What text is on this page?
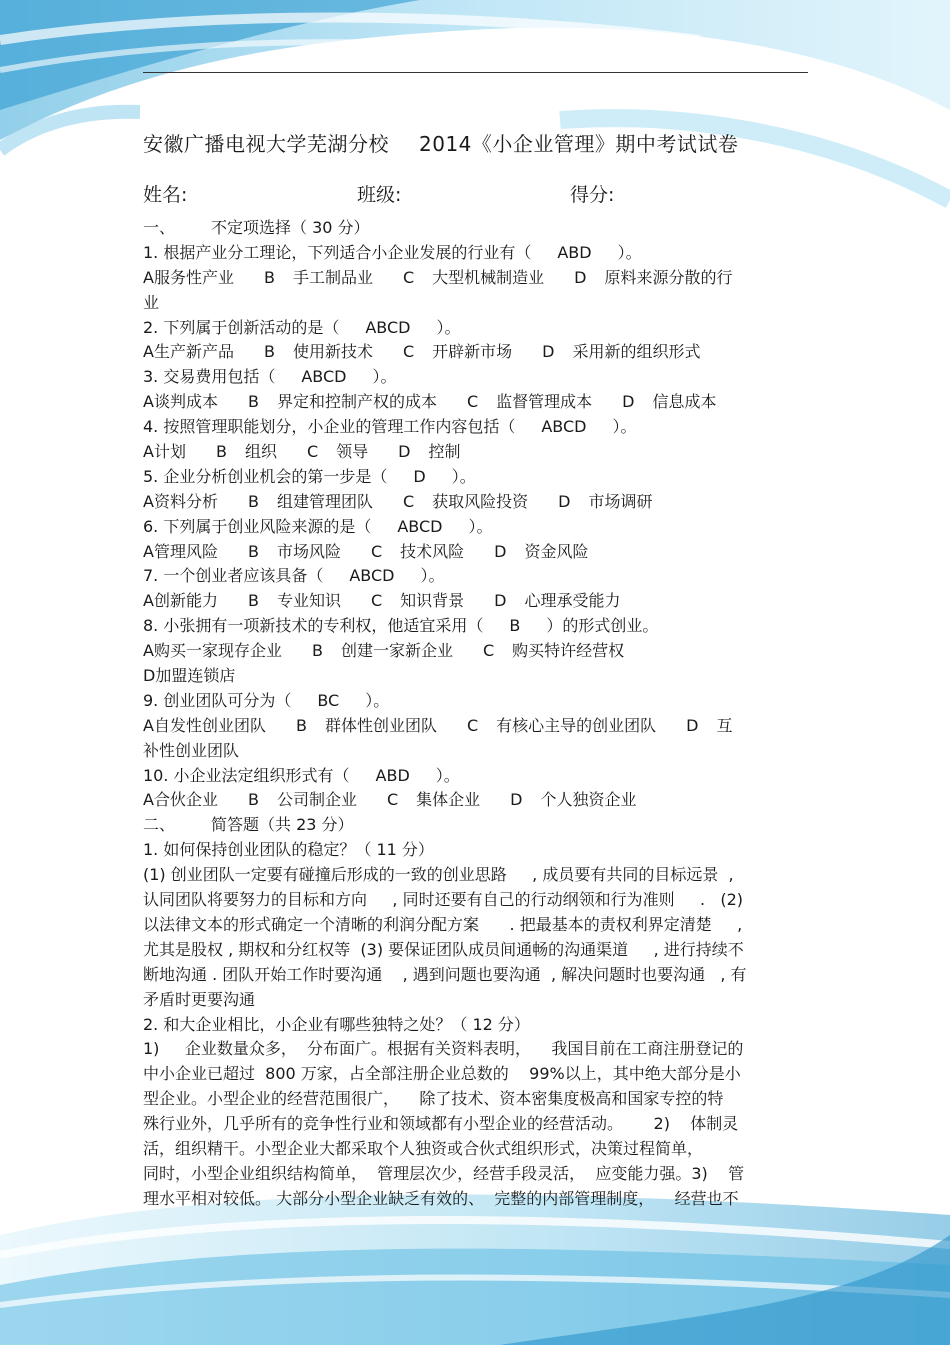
安徽广播电视大学芜湖分校 2014《小企业管理》期中考试试卷
姓名:	班级:	得分:
一、 不定项选择（ 30 分）
1. 根据产业分工理论，下列适合小企业发展的行业有（ ABD ）。
A服务性产业 B 手工制品业 C 大型机械制造业 D 原料来源分散的行
业
2. 下列属于创新活动的是（ ABCD ）。
A生产新产品 B 使用新技术 C 开辟新市场 D 采用新的组织形式
3. 交易费用包括（ ABCD ）。
A谈判成本 B 界定和控制产权的成本 C 监督管理成本 D 信息成本
4. 按照管理职能划分，小企业的管理工作内容包括（ ABCD ）。
A计划 B 组织 C 领导 D 控制
5. 企业分析创业机会的第一步是（ D ）。
A资料分析 B 组建管理团队 C 获取风险投资 D 市场调研
6. 下列属于创业风险来源的是（ ABCD ）。
A管理风险 B 市场风险 C 技术风险 D 资金风险
7. 一个创业者应该具备（ ABCD ）。
A创新能力 B 专业知识 C 知识背景 D 心理承受能力
8. 小张拥有一项新技术的专利权，他适宜采用（ B ）的形式创业。
A购买一家现存企业 B 创建一家新企业 C 购买特许经营权
D加盟连锁店
9. 创业团队可分为（ BC ）。
A自发性创业团队 B 群体性创业团队 C 有核心主导的创业团队 D 互
补性创业团队
10. 小企业法定组织形式有（ ABD ）。
A合伙企业 B 公司制企业 C 集体企业 D 个人独资企业
二、 简答题（共 23 分）
1. 如何保持创业团队的稳定？（ 11 分）
(1) 创业团队一定要有碰撞后形成的一致的创业思路     , 成员要有共同的目标远景  ,
认同团队将要努力的目标和方向     , 同时还要有自己的行动纲领和行为准则     .   (2)
以法律文本的形式确定一个清晰的利润分配方案      . 把最基本的责权利界定清楚     ,
尤其是股权 , 期权和分红权等  (3) 要保证团队成员间通畅的沟通渠道     , 进行持续不
断地沟通 . 团队开始工作时要沟通    , 遇到问题也要沟通  , 解决问题时也要沟通   , 有
矛盾时更要沟通
2. 和大企业相比，小企业有哪些独特之处？（ 12 分）
1)     企业数量众多，  分布面广。根据有关资料表明，    我国目前在工商注册登记的
中小企业已超过  800 万家，占全部注册企业总数的    99%以上，其中绝大部分是小
型企业。小型企业的经营范围很广，    除了技术、资本密集度极高和国家专控的特
殊行业外，几乎所有的竞争性行业和领域都有小型企业的经营活动。      2)    体制灵
活，组织精干。小型企业大都采取个人独资或合伙式组织形式，决策过程简单，
同时，小型企业组织结构简单，  管理层次少，经营手段灵活，  应变能力强。3)    管
理水平相对较低。 大部分小型企业缺乏有效的、  完整的内部管理制度，    经营也不
